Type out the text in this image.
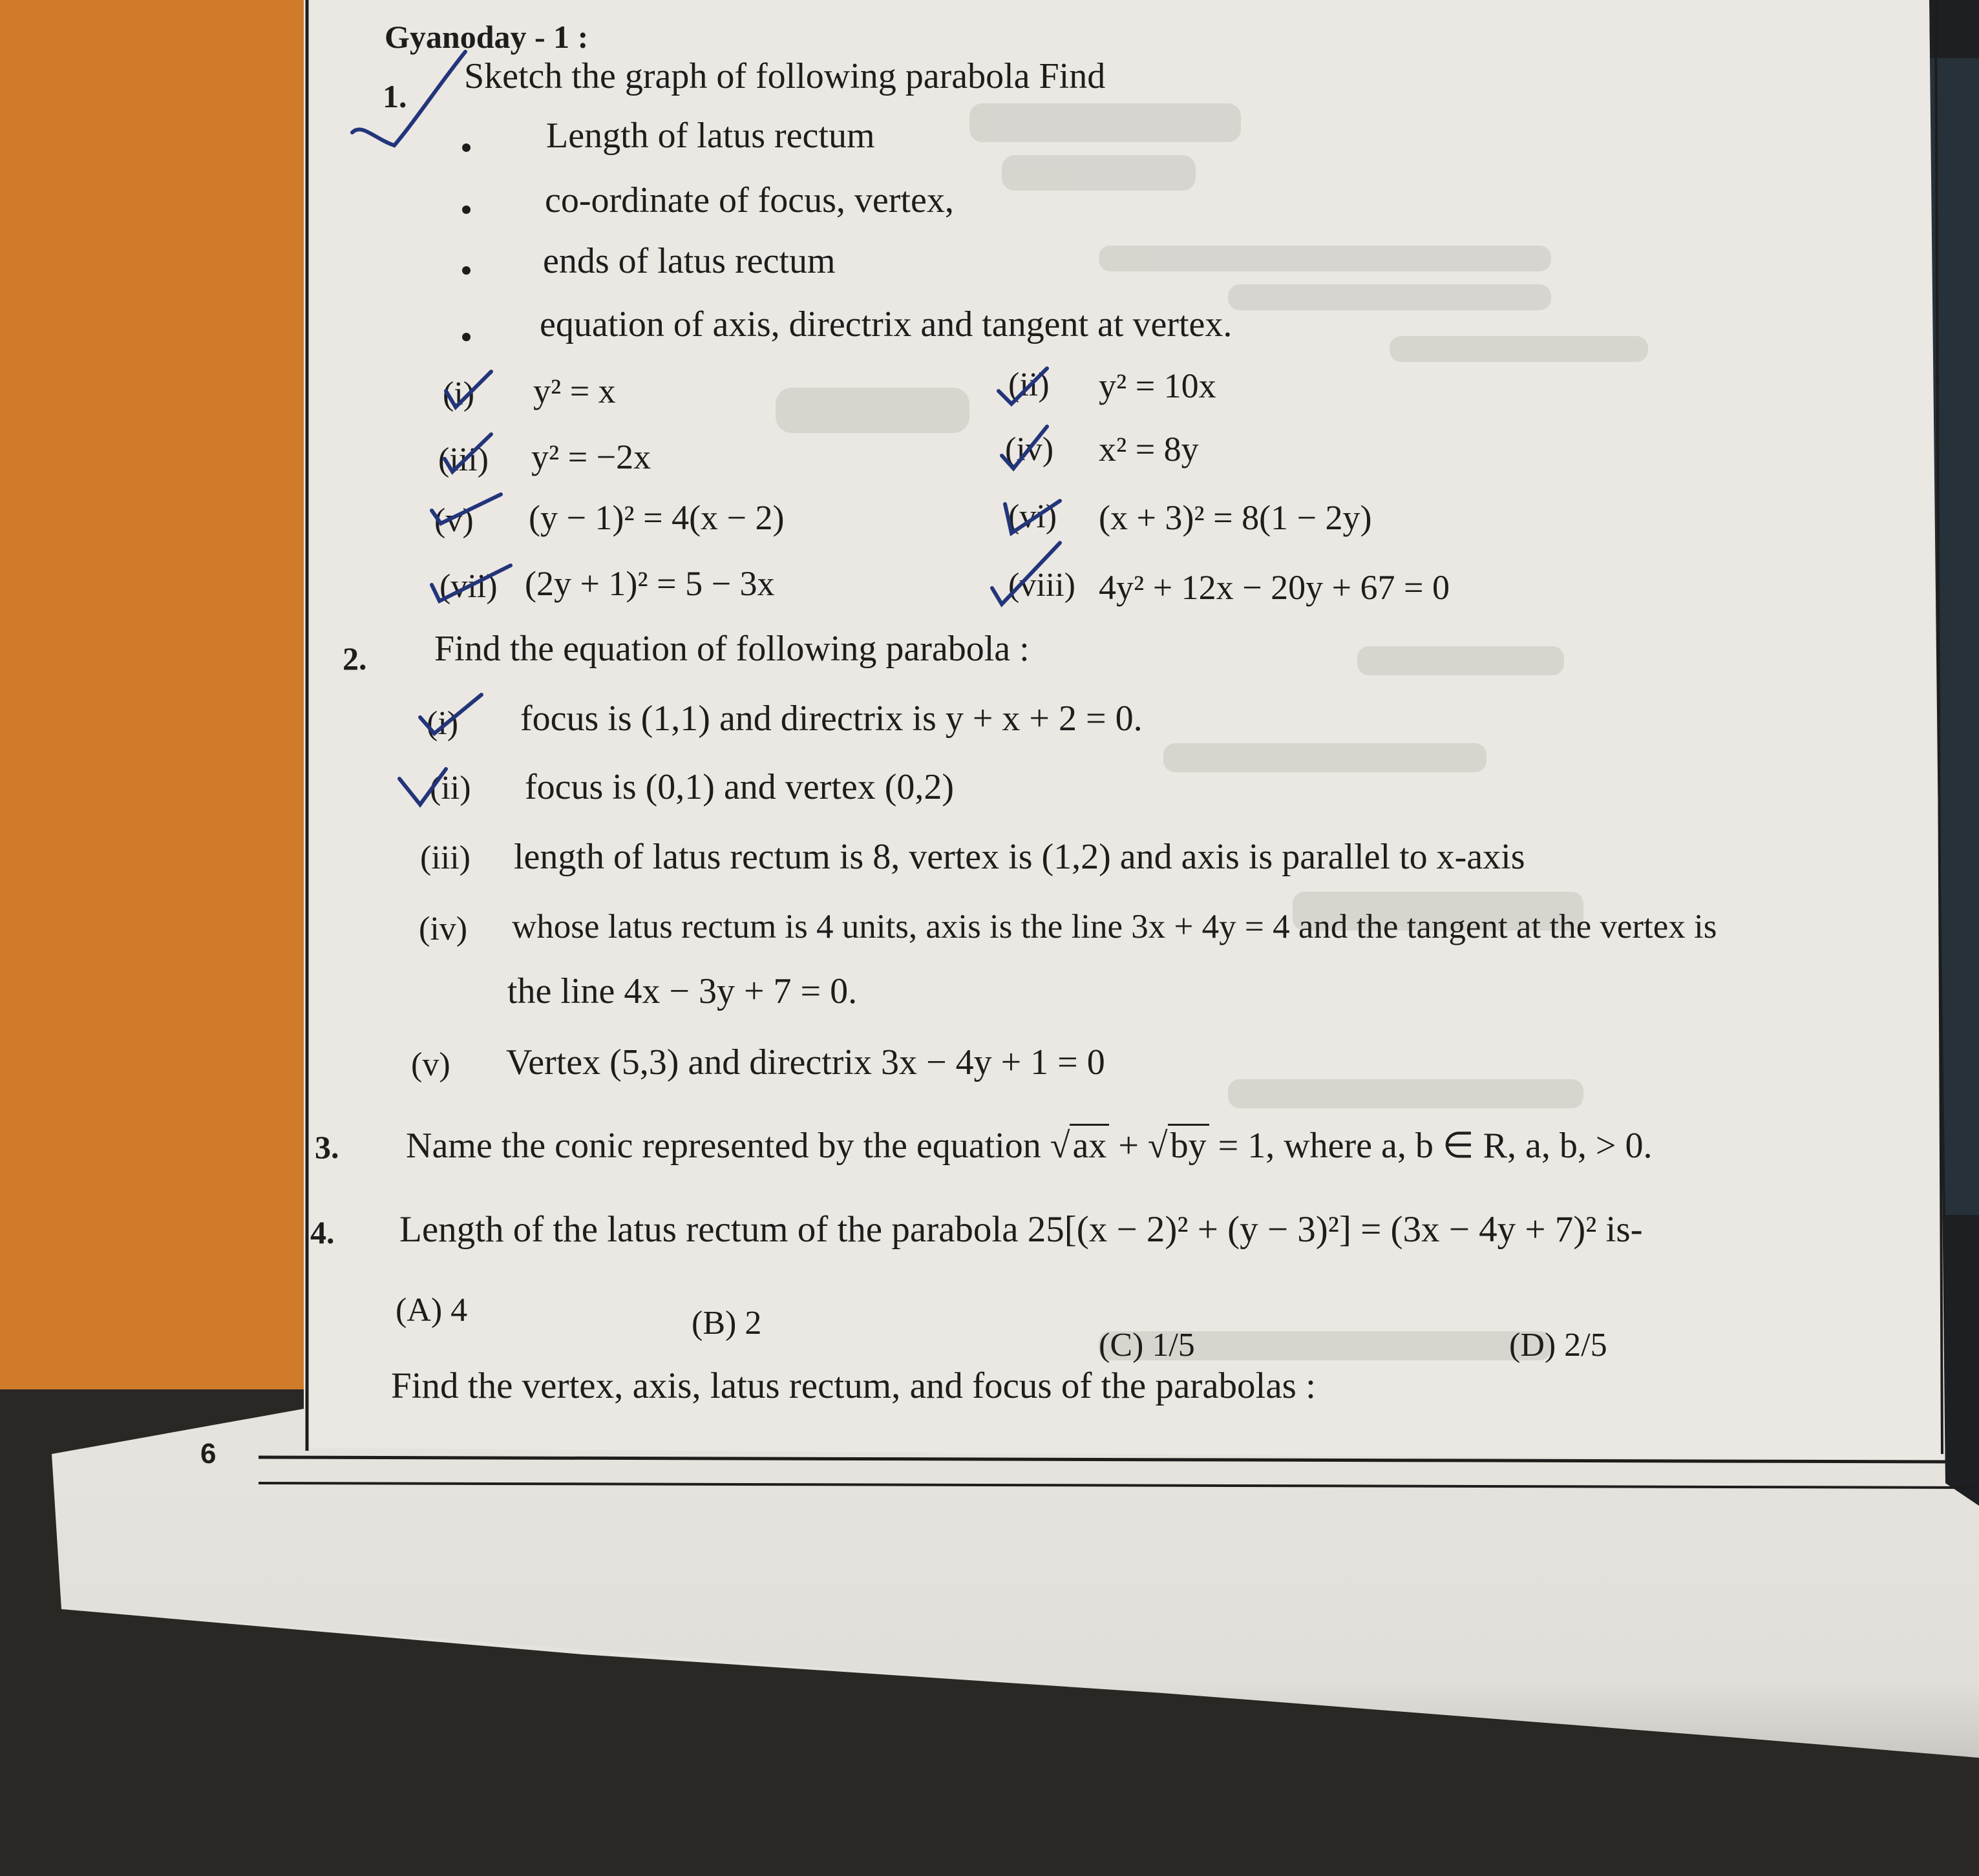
Gyanoday - 1 :
1. Sketch the graph of following parabola Find
Length of latus rectum
co-ordinate of focus, vertex,
ends of latus rectum
equation of axis, directrix and tangent at vertex.
(i) y² = x
(iii) y² = −2x
(v) (y − 1)² = 4(x − 2)
(vii) (2y + 1)² = 5 − 3x
(ii) y² = 10x
(iv) x² = 8y
(vi) (x + 3)² = 8(1 − 2y)
(viii) 4y² + 12x − 20y + 67 = 0
2. Find the equation of following parabola :
(i) focus is (1,1) and directrix is y + x + 2 = 0.
(ii) focus is (0,1) and vertex (0,2)
(iii) length of latus rectum is 8, vertex is (1,2) and axis is parallel to x-axis
(iv) whose latus rectum is 4 units, axis is the line 3x + 4y = 4 and the tangent at the vertex is
the line 4x − 3y + 7 = 0.
(v) Vertex (5,3) and directrix 3x − 4y + 1 = 0
3. Name the conic represented by the equation √ax + √by = 1, where a, b ∈ R, a, b, > 0.
4. Length of the latus rectum of the parabola 25[(x − 2)² + (y − 3)²] = (3x − 4y + 7)² is-
(A) 4	(B) 2
(C) 1/5	(D) 2/5
Find the vertex, axis, latus rectum, and focus of the parabolas :
6
